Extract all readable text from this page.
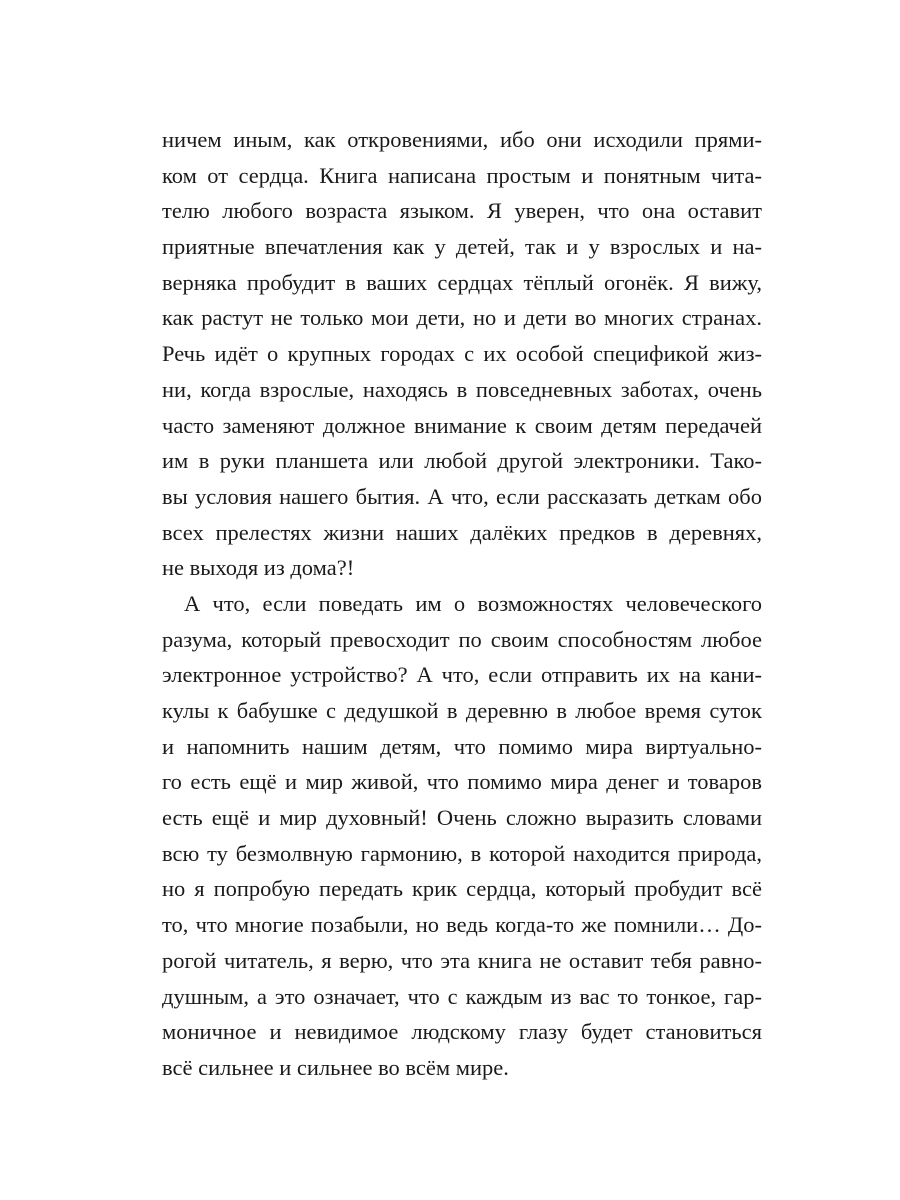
ничем иным, как откровениями, ибо они исходили прями-
ком от сердца. Книга написана простым и понятным чита-
телю любого возраста языком. Я уверен, что она оставит
приятные впечатления как у детей, так и у взрослых и на-
верняка пробудит в ваших сердцах тёплый огонёк. Я вижу,
как растут не только мои дети, но и дети во многих странах.
Речь идёт о крупных городах с их особой спецификой жиз-
ни, когда взрослые, находясь в повседневных заботах, очень
часто заменяют должное внимание к своим детям передачей
им в руки планшета или любой другой электроники. Тако-
вы условия нашего бытия. А что, если рассказать деткам обо
всех прелестях жизни наших далёких предков в деревнях,
не выходя из дома?!
А что, если поведать им о возможностях человеческого
разума, который превосходит по своим способностям любое
электронное устройство? А что, если отправить их на кани-
кулы к бабушке с дедушкой в деревню в любое время суток
и напомнить нашим детям, что помимо мира виртуально-
го есть ещё и мир живой, что помимо мира денег и товаров
есть ещё и мир духовный! Очень сложно выразить словами
всю ту безмолвную гармонию, в которой находится природа,
но я попробую передать крик сердца, который пробудит всё
то, что многие позабыли, но ведь когда-то же помнили… До-
рогой читатель, я верю, что эта книга не оставит тебя равно-
душным, а это означает, что с каждым из вас то тонкое, гар-
моничное и невидимое людскому глазу будет становиться
всё сильнее и сильнее во всём мире.
